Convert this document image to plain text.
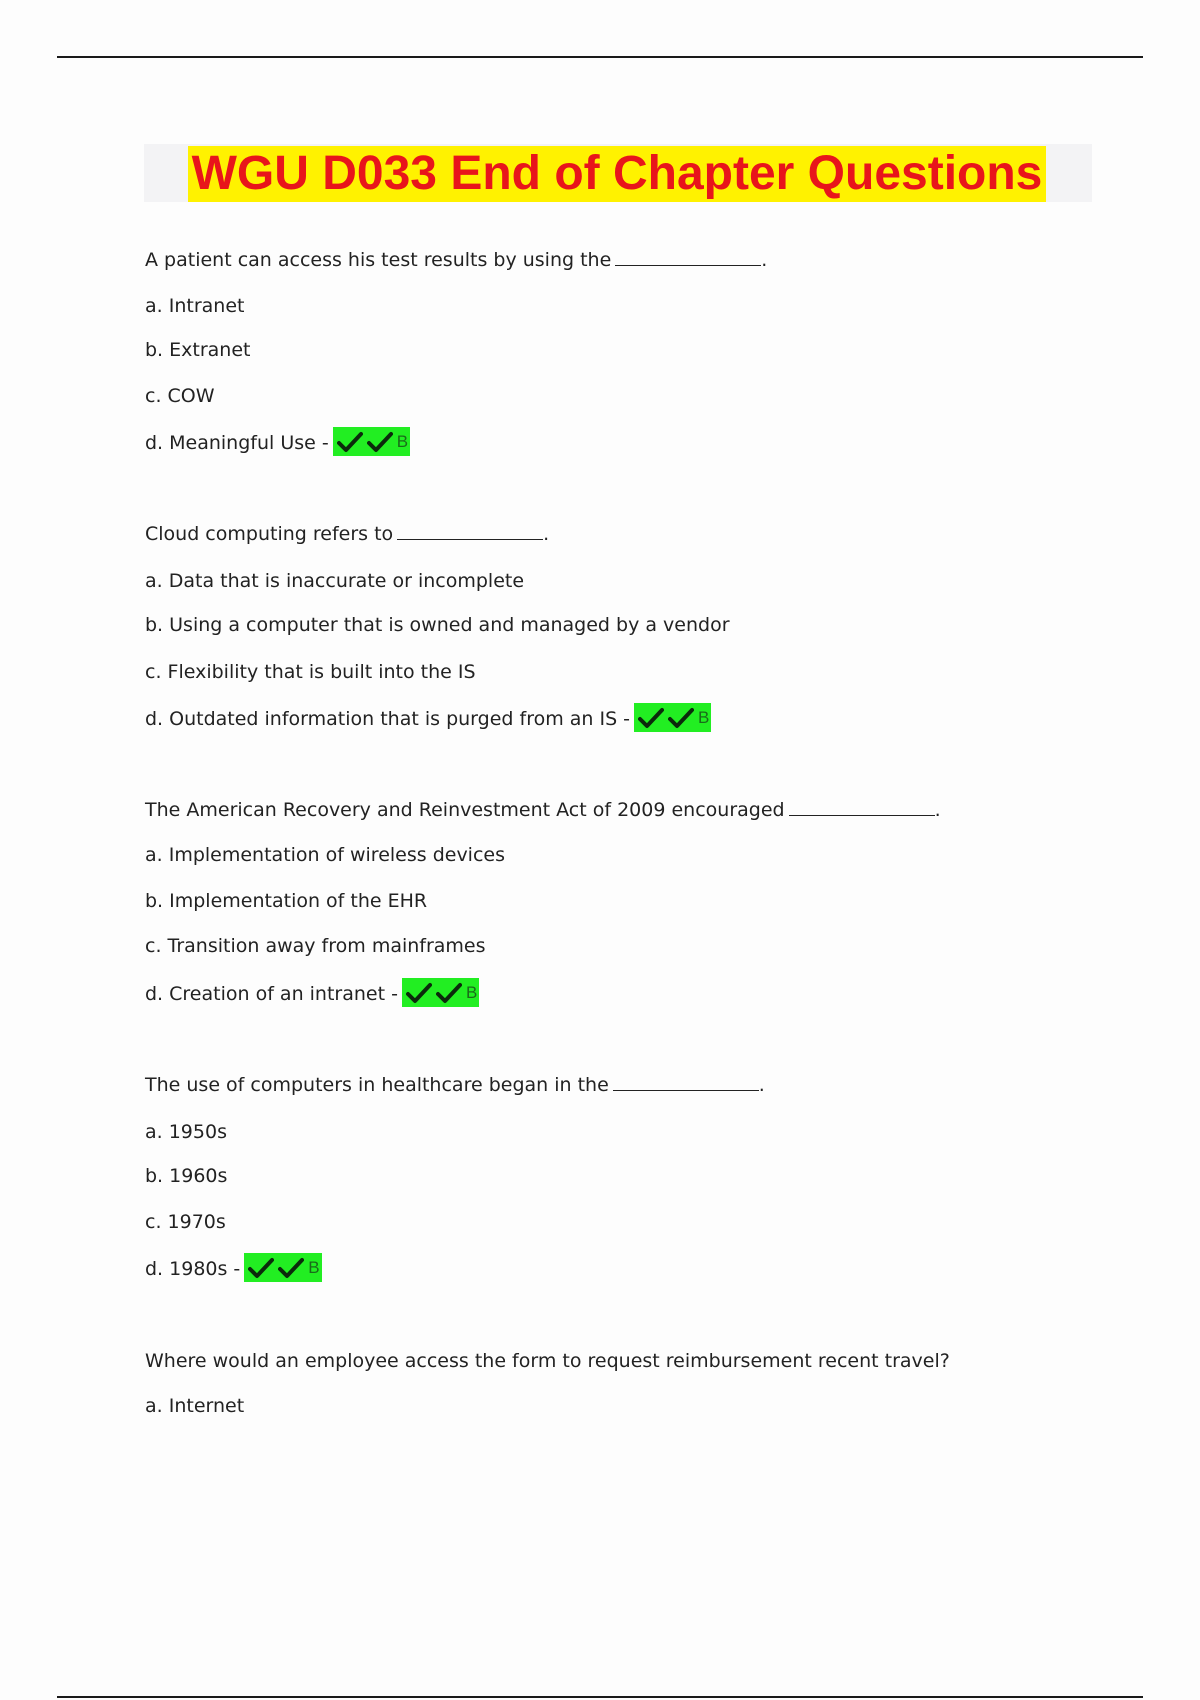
WGU D033 End of Chapter Questions
A patient can access his test results by using the	.
a. Intranet
b. Extranet
c. COW
d. Meaningful Use -	B
Cloud computing refers to	.
a. Data that is inaccurate or incomplete
b. Using a computer that is owned and managed by a vendor
c. Flexibility that is built into the IS
d. Outdated information that is purged from an IS -	B
The American Recovery and Reinvestment Act of 2009 encouraged	.
a. Implementation of wireless devices
b. Implementation of the EHR
c. Transition away from mainframes
d. Creation of an intranet -	B
The use of computers in healthcare began in the	.
a. 1950s
b. 1960s
c. 1970s
d. 1980s -	B
Where would an employee access the form to request reimbursement recent travel?
a. Internet
